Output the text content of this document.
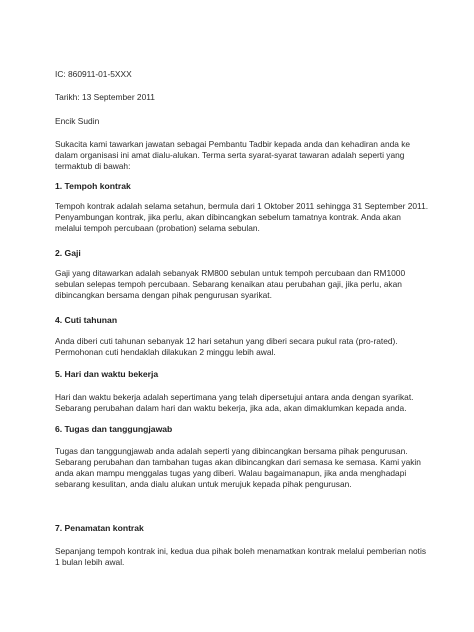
IC: 860911-01-5XXX

Tarikh: 13 September 2011

Encik Sudin

Sukacita kami tawarkan jawatan sebagai Pembantu Tadbir kepada anda dan kehadiran anda ke

dalam organisasi ini amat dialu-alukan. Terma serta syarat-syarat tawaran adalah seperti yang

termaktub di bawah:

1. Tempoh kontrak

Tempoh kontrak adalah selama setahun, bermula dari 1 Oktober 2011 sehingga 31 September 2011.

Penyambungan kontrak, jika perlu, akan dibincangkan sebelum tamatnya kontrak. Anda akan

melalui tempoh percubaan (probation) selama sebulan.

2. Gaji

Gaji yang ditawarkan adalah sebanyak RM800 sebulan untuk tempoh percubaan dan RM1000

sebulan selepas tempoh percubaan. Sebarang kenaikan atau perubahan gaji, jika perlu, akan

dibincangkan bersama dengan pihak pengurusan syarikat.

4. Cuti tahunan

Anda diberi cuti tahunan sebanyak 12 hari setahun yang diberi secara pukul rata (pro-rated).

Permohonan cuti hendaklah dilakukan 2 minggu lebih awal.

5. Hari dan waktu bekerja

Hari dan waktu bekerja adalah sepertimana yang telah dipersetujui antara anda dengan syarikat.

Sebarang perubahan dalam hari dan waktu bekerja, jika ada, akan dimaklumkan kepada anda.

6. Tugas dan tanggungjawab

Tugas dan tanggungjawab anda adalah seperti yang dibincangkan bersama pihak pengurusan.

Sebarang perubahan dan tambahan tugas akan dibincangkan dari semasa ke semasa. Kami yakin

anda akan mampu menggalas tugas yang diberi. Walau bagaimanapun, jika anda menghadapi

sebarang kesulitan, anda dialu alukan untuk merujuk kepada pihak pengurusan.

7. Penamatan kontrak

Sepanjang tempoh kontrak ini, kedua dua pihak boleh menamatkan kontrak melalui pemberian notis

1 bulan lebih awal.
